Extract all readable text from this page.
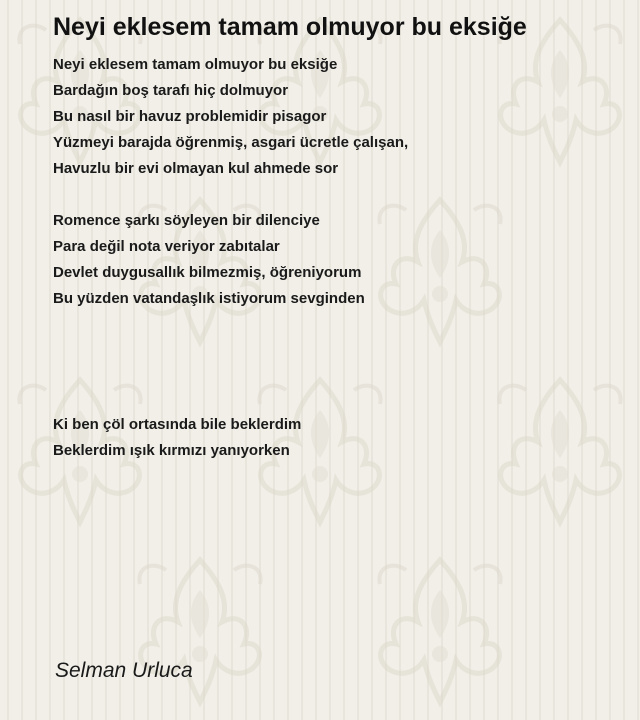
Neyi eklesem tamam olmuyor bu eksiğe

Neyi eklesem tamam olmuyor bu eksiğe
Bardağın boş tarafı hiç dolmuyor
Bu nasıl bir havuz problemidir pisagor
Yüzmeyi barajda öğrenmiş, asgari ücretle çalışan,
Havuzlu bir evi olmayan kul ahmede sor

Romence şarkı söyleyen bir dilenciye
Para değil nota veriyor zabıtalar
Devlet duygusallık bilmezmiş, öğreniyorum
Bu yüzden vatandaşlık istiyorum sevginden

Ki ben çöl ortasında bile beklerdim
Beklerdim ışık kırmızı yanıyorken

Selman Urluca
